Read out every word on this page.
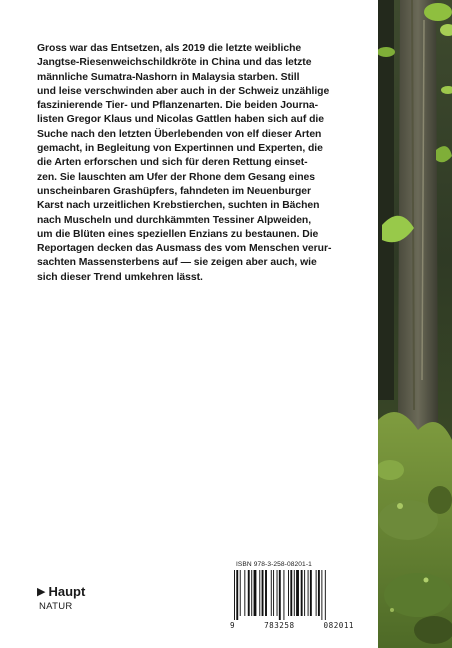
Gross war das Entsetzen, als 2019 die letzte weibliche

Jangtse-Riesenweichschildkröte in China und das letzte

männliche Sumatra-Nashorn in Malaysia starben. Still

und leise verschwinden aber auch in der Schweiz unzählige

faszinierende Tier- und Pflanzenarten. Die beiden Journa-

listen Gregor Klaus und Nicolas Gattlen haben sich auf die

Suche nach den letzten Überlebenden von elf dieser Arten

gemacht, in Begleitung von Expertinnen und Experten, die

die Arten erforschen und sich für deren Rettung einset-

zen. Sie lauschten am Ufer der Rhone dem Gesang eines

unscheinbaren Grashüpfers, fahndeten im Neuenburger

Karst nach urzeitlichen Krebstierchen, suchten in Bächen

nach Muscheln und durchkämmten Tessiner Alpweiden,

um die Blüten eines speziellen Enzians zu bestaunen. Die

Reportagen decken das Ausmass des vom Menschen verur-

sachten Massensterbens auf — sie zeigen aber auch, wie

sich dieser Trend umkehren lässt.

▶ Haupt
NATUR
ISBN 978-3-258-08201-1
9	783258	082011
